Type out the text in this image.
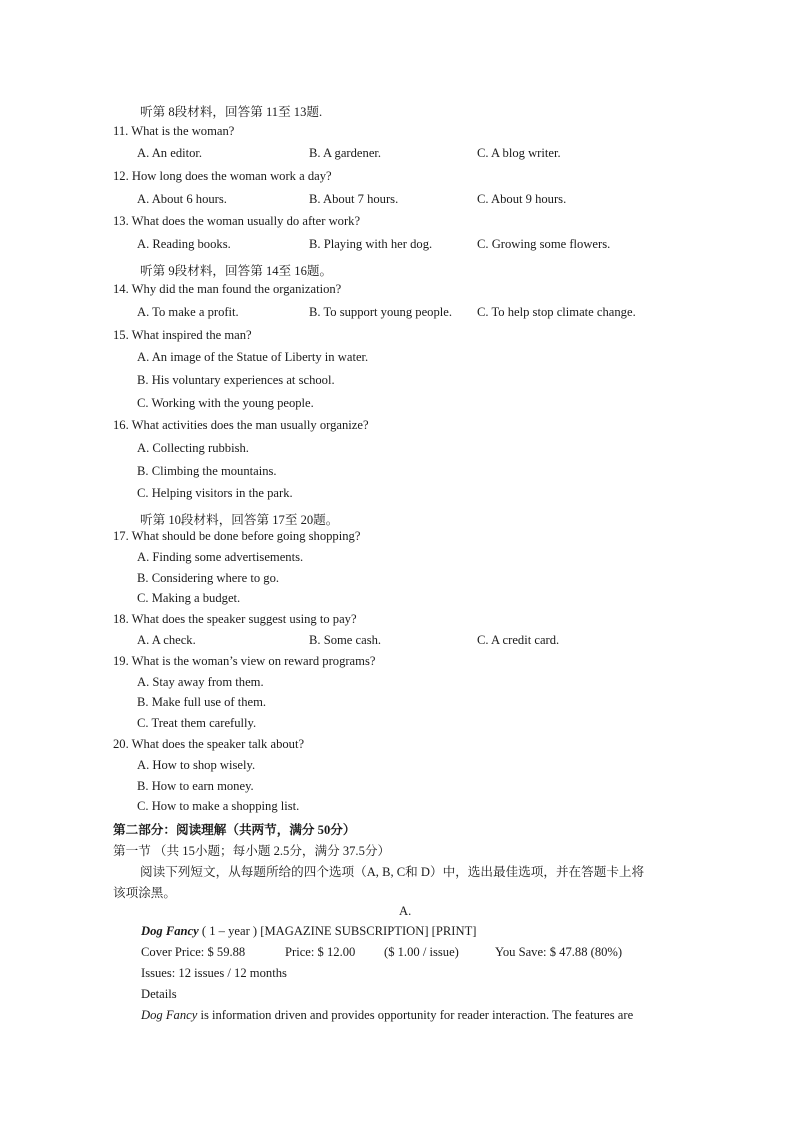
听第 8段材料，回答第 11至 13题.
11. What is the woman?
A. An editor.	B. A gardener.	C. A blog writer.
12. How long does the woman work a day?
A. About 6 hours.	B. About 7 hours.	C. About 9 hours.
13. What does the woman usually do after work?
A. Reading books.	B. Playing with her dog.	C. Growing some flowers.
听第 9段材料，回答第 14至 16题。
14. Why did the man found the organization?
A. To make a profit.	B. To support young people. C. To help stop climate change.
15. What inspired the man?
A. An image of the Statue of Liberty in water.
B. His voluntary experiences at school.
C. Working with the young people.
16. What activities does the man usually organize?
A. Collecting rubbish.
B. Climbing the mountains.
C. Helping visitors in the park.
听第 10段材料，回答第 17至 20题。
17. What should be done before going shopping?
A. Finding some advertisements.
B. Considering where to go.
C. Making a budget.
18. What does the speaker suggest using to pay?
A. A check.	B. Some cash.	C. A credit card.
19. What is the woman’s view on reward programs?
A. Stay away from them.
B. Make full use of them.
C. Treat them carefully.
20. What does the speaker talk about?
A. How to shop wisely.
B. How to earn money.
C. How to make a shopping list.
第二部分：阅读理解（共两节，满分 50分）
第一节 （共 15小题；每小题 2.5分，满分 37.5分）
阅读下列短文，从每题所给的四个选项（A, B, C和 D）中，选出最佳选项，并在答题卡上将
该项涂黑。
A.
Dog Fancy ( 1 – year ) [MAGAZINE SUBSCRIPTION] [PRINT]
Cover Price: $ 59.88	Price: $ 12.00 ($ 1.00 / issue)	You Save: $ 47.88 (80%)
Issues: 12 issues / 12 months
Details
Dog Fancy is information driven and provides opportunity for reader interaction. The features are
